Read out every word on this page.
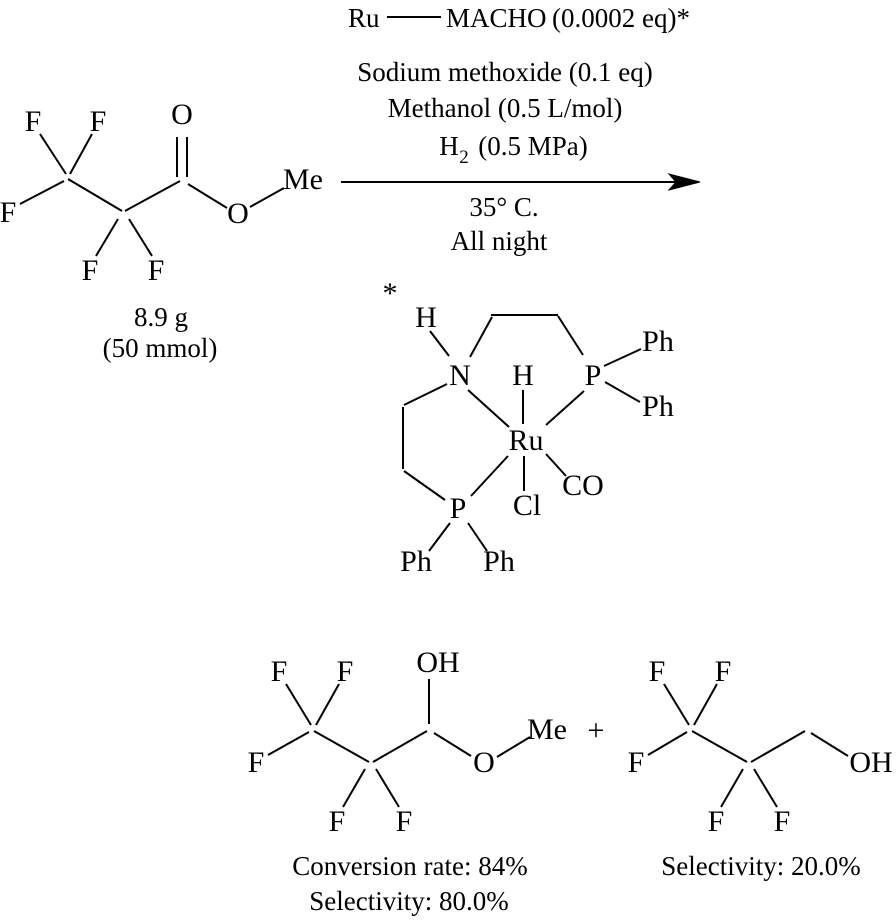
Ru MACHO (0.0002 eq)*
Sodium methoxide (0.1 eq)
Methanol (0.5 L/mol)
H 2 (0.5 MPa)
35° C.
All night
F F O
F
F F
O
Me
8.9 g
(50 mmol)
*
H
N H P
Ph
Ph
Ru
Cl
CO
P
Ph Ph
F F OH
F
F F
O
Me
Conversion rate: 84%
Selectivity: 80.0%
+
F F
F
F F
OH
Selectivity: 20.0%
